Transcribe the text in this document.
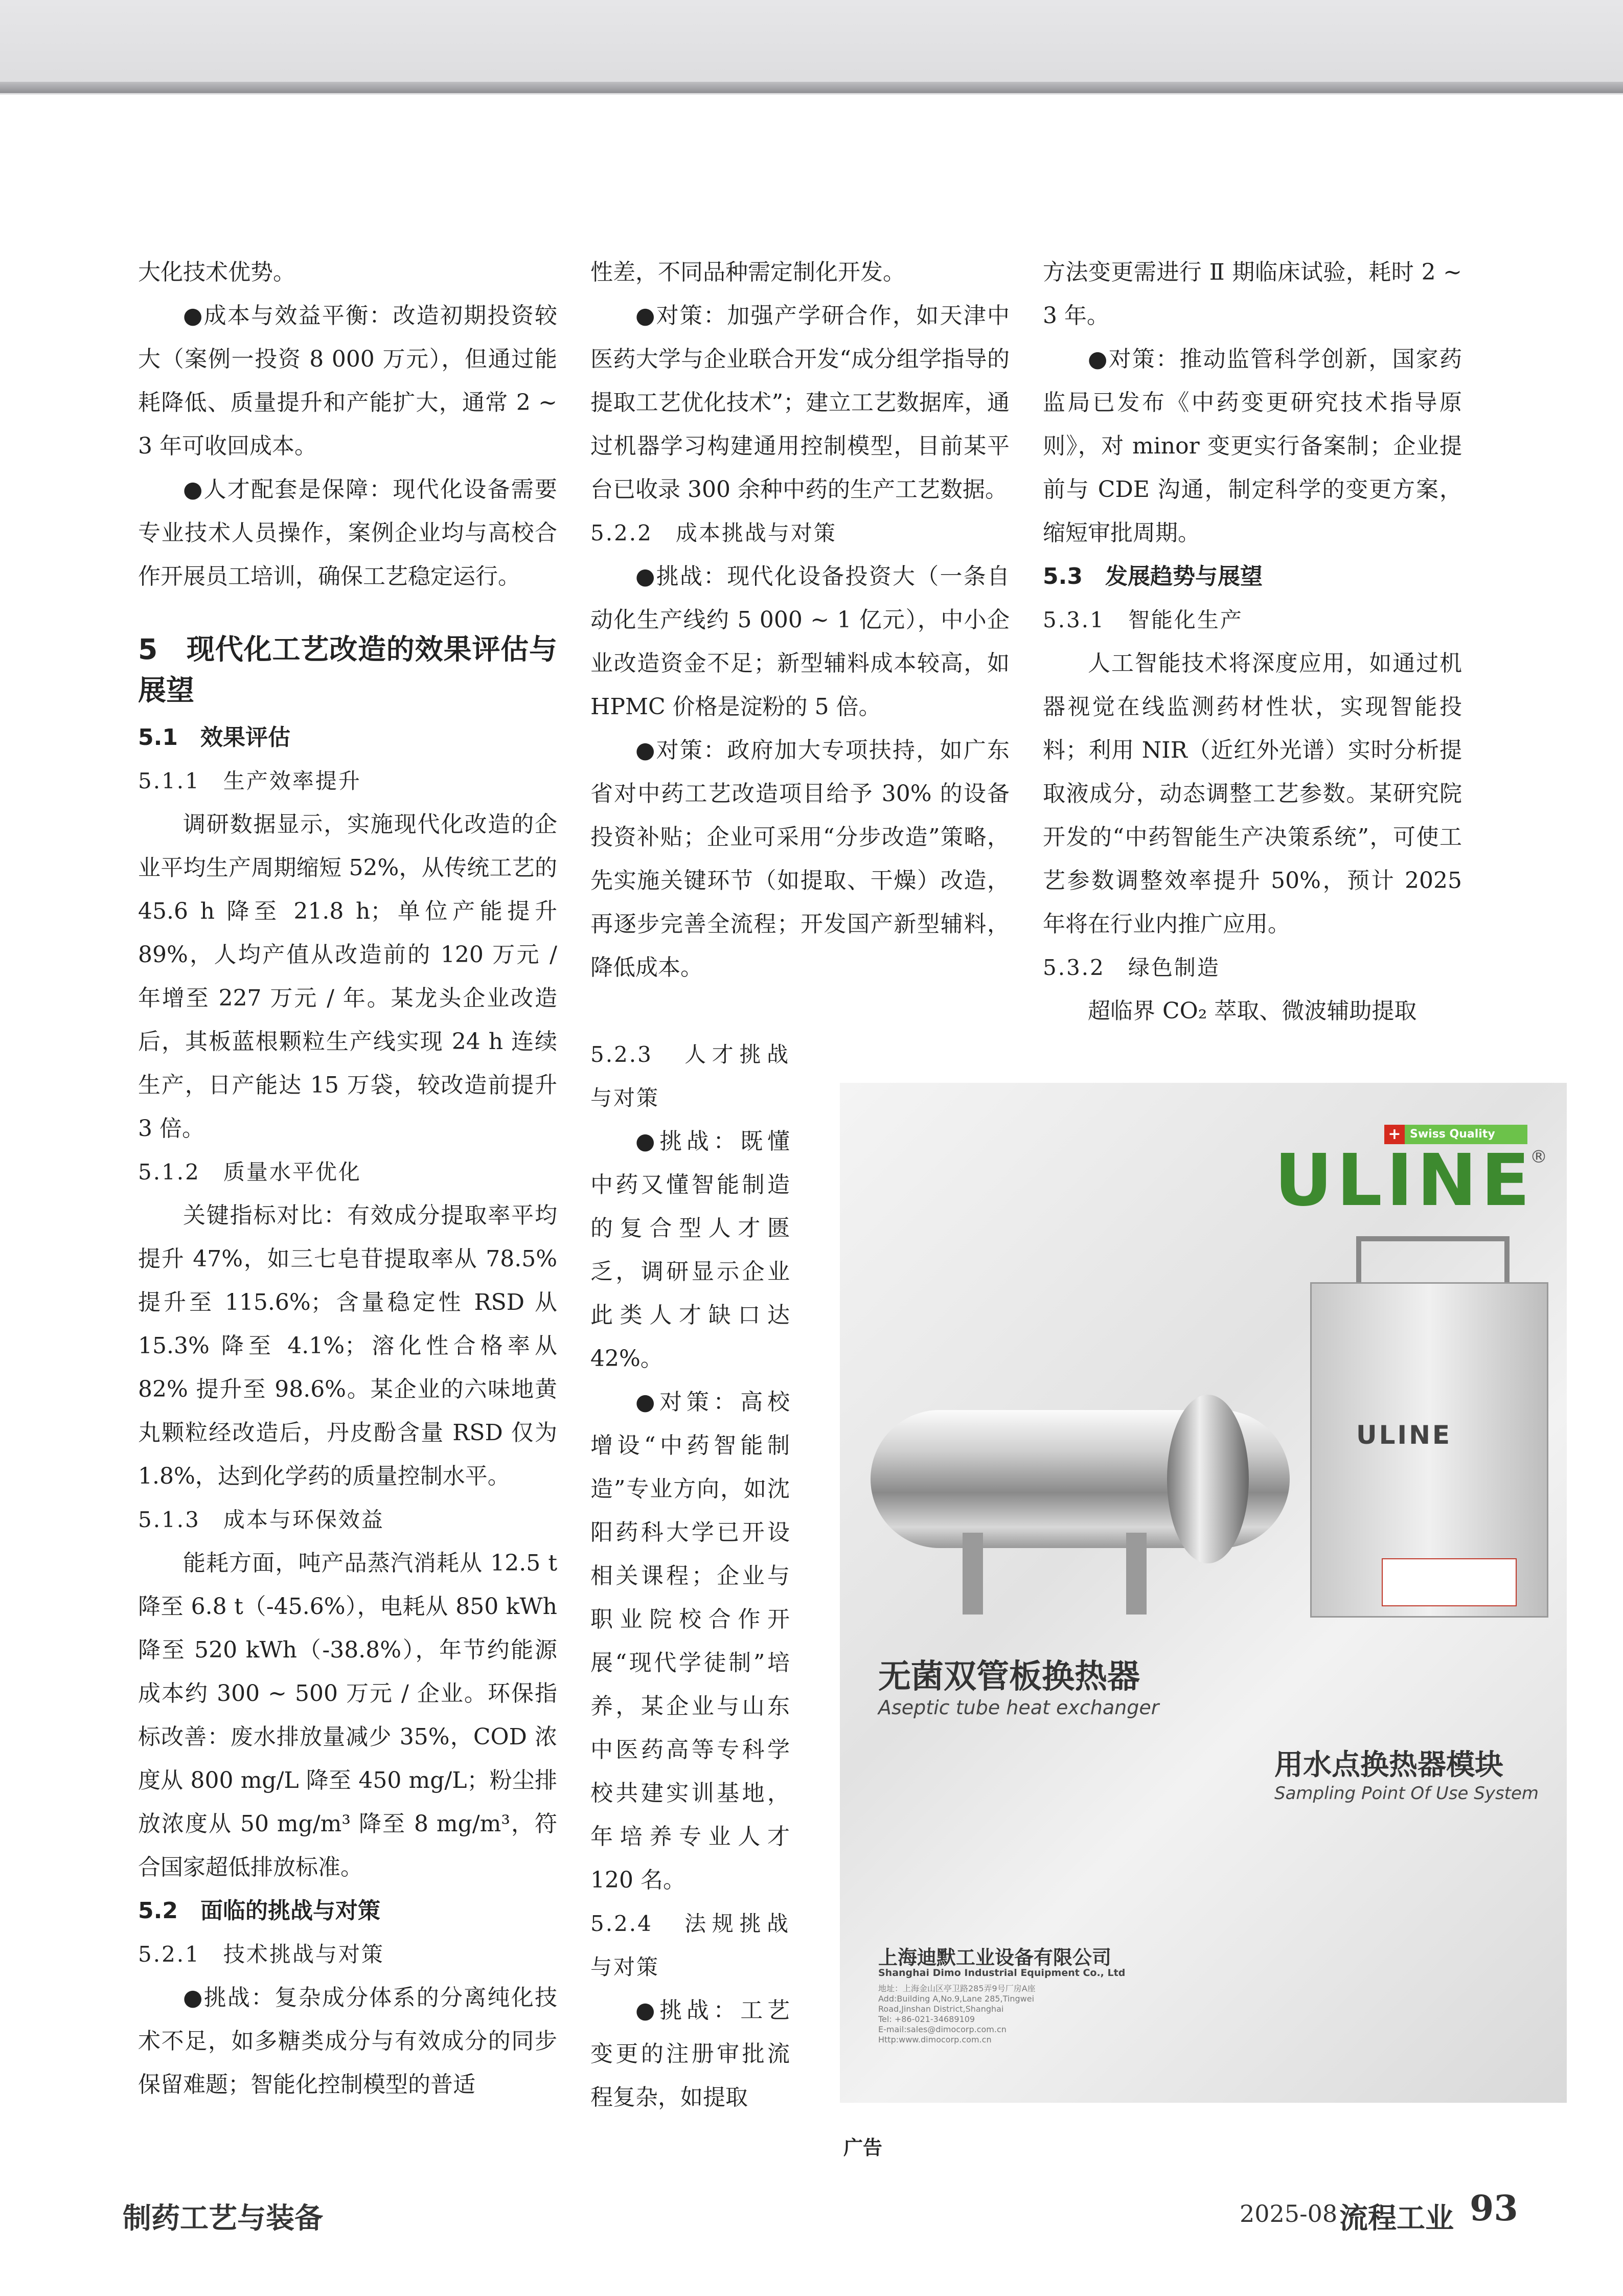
大化技术优势。

●成本与效益平衡：改造初期投资较大（案例一投资 8 000 万元），但通过能耗降低、质量提升和产能扩大，通常 2 ~ 3 年可收回成本。

●人才配套是保障：现代化设备需要专业技术人员操作，案例企业均与高校合作开展员工培训，确保工艺稳定运行。

5　现代化工艺改造的效果评估与展望

5.1　效果评估

5.1.1　生产效率提升

调研数据显示，实施现代化改造的企业平均生产周期缩短 52%，从传统工艺的 45.6 h 降至 21.8 h；单位产能提升 89%，人均产值从改造前的 120 万元 / 年增至 227 万元 / 年。某龙头企业改造后，其板蓝根颗粒生产线实现 24 h 连续生产，日产能达 15 万袋，较改造前提升 3 倍。

5.1.2　质量水平优化

关键指标对比：有效成分提取率平均提升 47%，如三七皂苷提取率从 78.5% 提升至 115.6%；含量稳定性 RSD 从 15.3% 降至 4.1%；溶化性合格率从 82% 提升至 98.6%。某企业的六味地黄丸颗粒经改造后，丹皮酚含量 RSD 仅为 1.8%，达到化学药的质量控制水平。

5.1.3　成本与环保效益

能耗方面，吨产品蒸汽消耗从 12.5 t 降至 6.8 t（-45.6%），电耗从 850 kWh 降至 520 kWh（-38.8%），年节约能源成本约 300 ~ 500 万元 / 企业。环保指标改善：废水排放量减少 35%，COD 浓度从 800 mg/L 降至 450 mg/L；粉尘排放浓度从 50 mg/m³ 降至 8 mg/m³，符合国家超低排放标准。

5.2　面临的挑战与对策

5.2.1　技术挑战与对策

●挑战：复杂成分体系的分离纯化技术不足，如多糖类成分与有效成分的同步保留难题；智能化控制模型的普适

性差，不同品种需定制化开发。

●对策：加强产学研合作，如天津中医药大学与企业联合开发“成分组学指导的提取工艺优化技术”；建立工艺数据库，通过机器学习构建通用控制模型，目前某平台已收录 300 余种中药的生产工艺数据。

5.2.2　成本挑战与对策

●挑战：现代化设备投资大（一条自动化生产线约 5 000 ~ 1 亿元），中小企业改造资金不足；新型辅料成本较高，如 HPMC 价格是淀粉的 5 倍。

●对策：政府加大专项扶持，如广东省对中药工艺改造项目给予 30% 的设备投资补贴；企业可采用“分步改造”策略，先实施关键环节（如提取、干燥）改造，再逐步完善全流程；开发国产新型辅料，降低成本。

5.2.3　人才挑战与对策

●挑战：既懂中药又懂智能制造的复合型人才匮乏，调研显示企业此类人才缺口达 42%。

●对策：高校增设“中药智能制造”专业方向，如沈阳药科大学已开设相关课程；企业与职业院校合作开展“现代学徒制”培养，某企业与山东中医药高等专科学校共建实训基地，年培养专业人才 120 名。

5.2.4　法规挑战与对策

●挑战：工艺变更的注册审批流程复杂，如提取

方法变更需进行 Ⅱ 期临床试验，耗时 2 ~ 3 年。

●对策：推动监管科学创新，国家药监局已发布《中药变更研究技术指导原则》，对 minor 变更实行备案制；企业提前与 CDE 沟通，制定科学的变更方案，缩短审批周期。

5.3　发展趋势与展望

5.3.1　智能化生产

人工智能技术将深度应用，如通过机器视觉在线监测药材性状，实现智能投料；利用 NIR（近红外光谱）实时分析提取液成分，动态调整工艺参数。某研究院开发的“中药智能生产决策系统”，可使工艺参数调整效率提升 50%，预计 2025 年将在行业内推广应用。

5.3.2　绿色制造

超临界 CO₂ 萃取、微波辅助提取

+ Swiss Quality
ULINE
®
ULINE
无菌双管板换热器
Aseptic tube heat exchanger
用水点换热器模块
Sampling Point Of Use System
上海迪默工业设备有限公司
Shanghai Dimo Industrial Equipment Co., Ltd
地址：上海金山区亭卫路285弄9号厂房A座
Add:Building A,No.9,Lane 285,Tingwei
Road,Jinshan District,Shanghai
Tel: +86-021-34689109
E-mail:sales@dimocorp.com.cn
Http:www.dimocorp.com.cn
广告
制药工艺与装备	2025-08 流程工业 93
